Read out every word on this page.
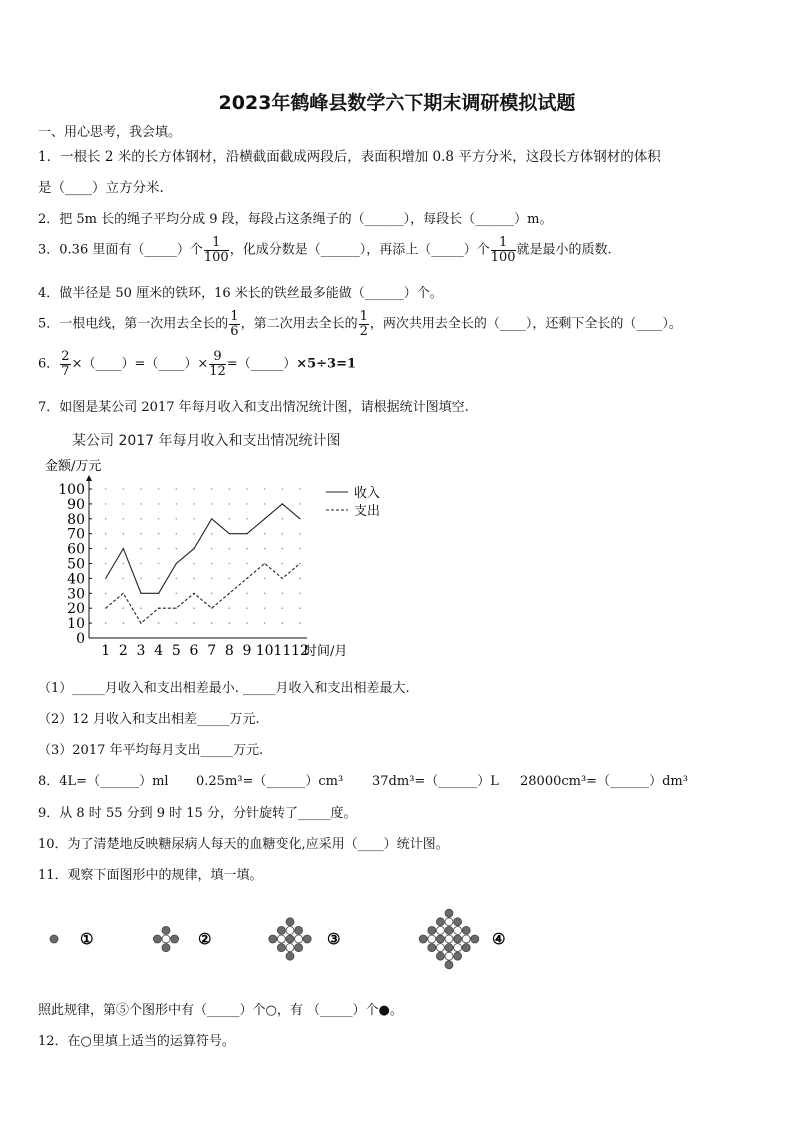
2023年鹤峰县数学六下期末调研模拟试题
一、用心思考，我会填。
1．一根长 2 米的长方体钢材，沿横截面截成两段后，表面积增加 0.8 平方分米，这段长方体钢材的体积
是（____）立方分米.
2．把 5m 长的绳子平均分成 9 段，每段占这条绳子的（______），每段长（______）m。
3．0.36 里面有（_____）个 $\frac{1}{100}$ ，化成分数是（______），再添上（_____）个 $\frac{1}{100}$ 就是最小的质数.
4．做半径是 50 厘米的铁环，16 米长的铁丝最多能做（______）个。
5．一根电线，第一次用去全长的 $\frac{1}{6}$ ，第二次用去全长的 $\frac{1}{2}$ ，两次共用去全长的（____），还剩下全长的（____）。
6． $\frac{2}{7}$ ×（____）=（____）× $\frac{9}{12}$ =（_____）×5÷3=1
7．如图是某公司 2017 年每月收入和支出情况统计图，请根据统计图填空.
某公司 2017 年每月收入和支出情况统计图
金额/万元
0
10
20
30
40
50
60
70
80
90
100
1 2 3 4 5 6 7 8 9 10 11 12
时间/月
收入
支出
（1）_____月收入和支出相差最小. _____月收入和支出相差最大.
（2）12 月收入和支出相差_____万元.
（3）2017 年平均每月支出_____万元.
8．4L=（______）ml 0.25m³=（______）cm³ 37dm³=（______）L 28000cm³=（______）dm³
9．从 8 时 55 分到 9 时 15 分，分针旋转了_____度。
10．为了清楚地反映糖尿病人每天的血糖变化,应采用（____）统计图。
11．观察下面图形中的规律，填一填。
①	②	③	④
照此规律，第⑤个图形中有（_____）个○，有 （_____）个●。
12．在○里填上适当的运算符号。
